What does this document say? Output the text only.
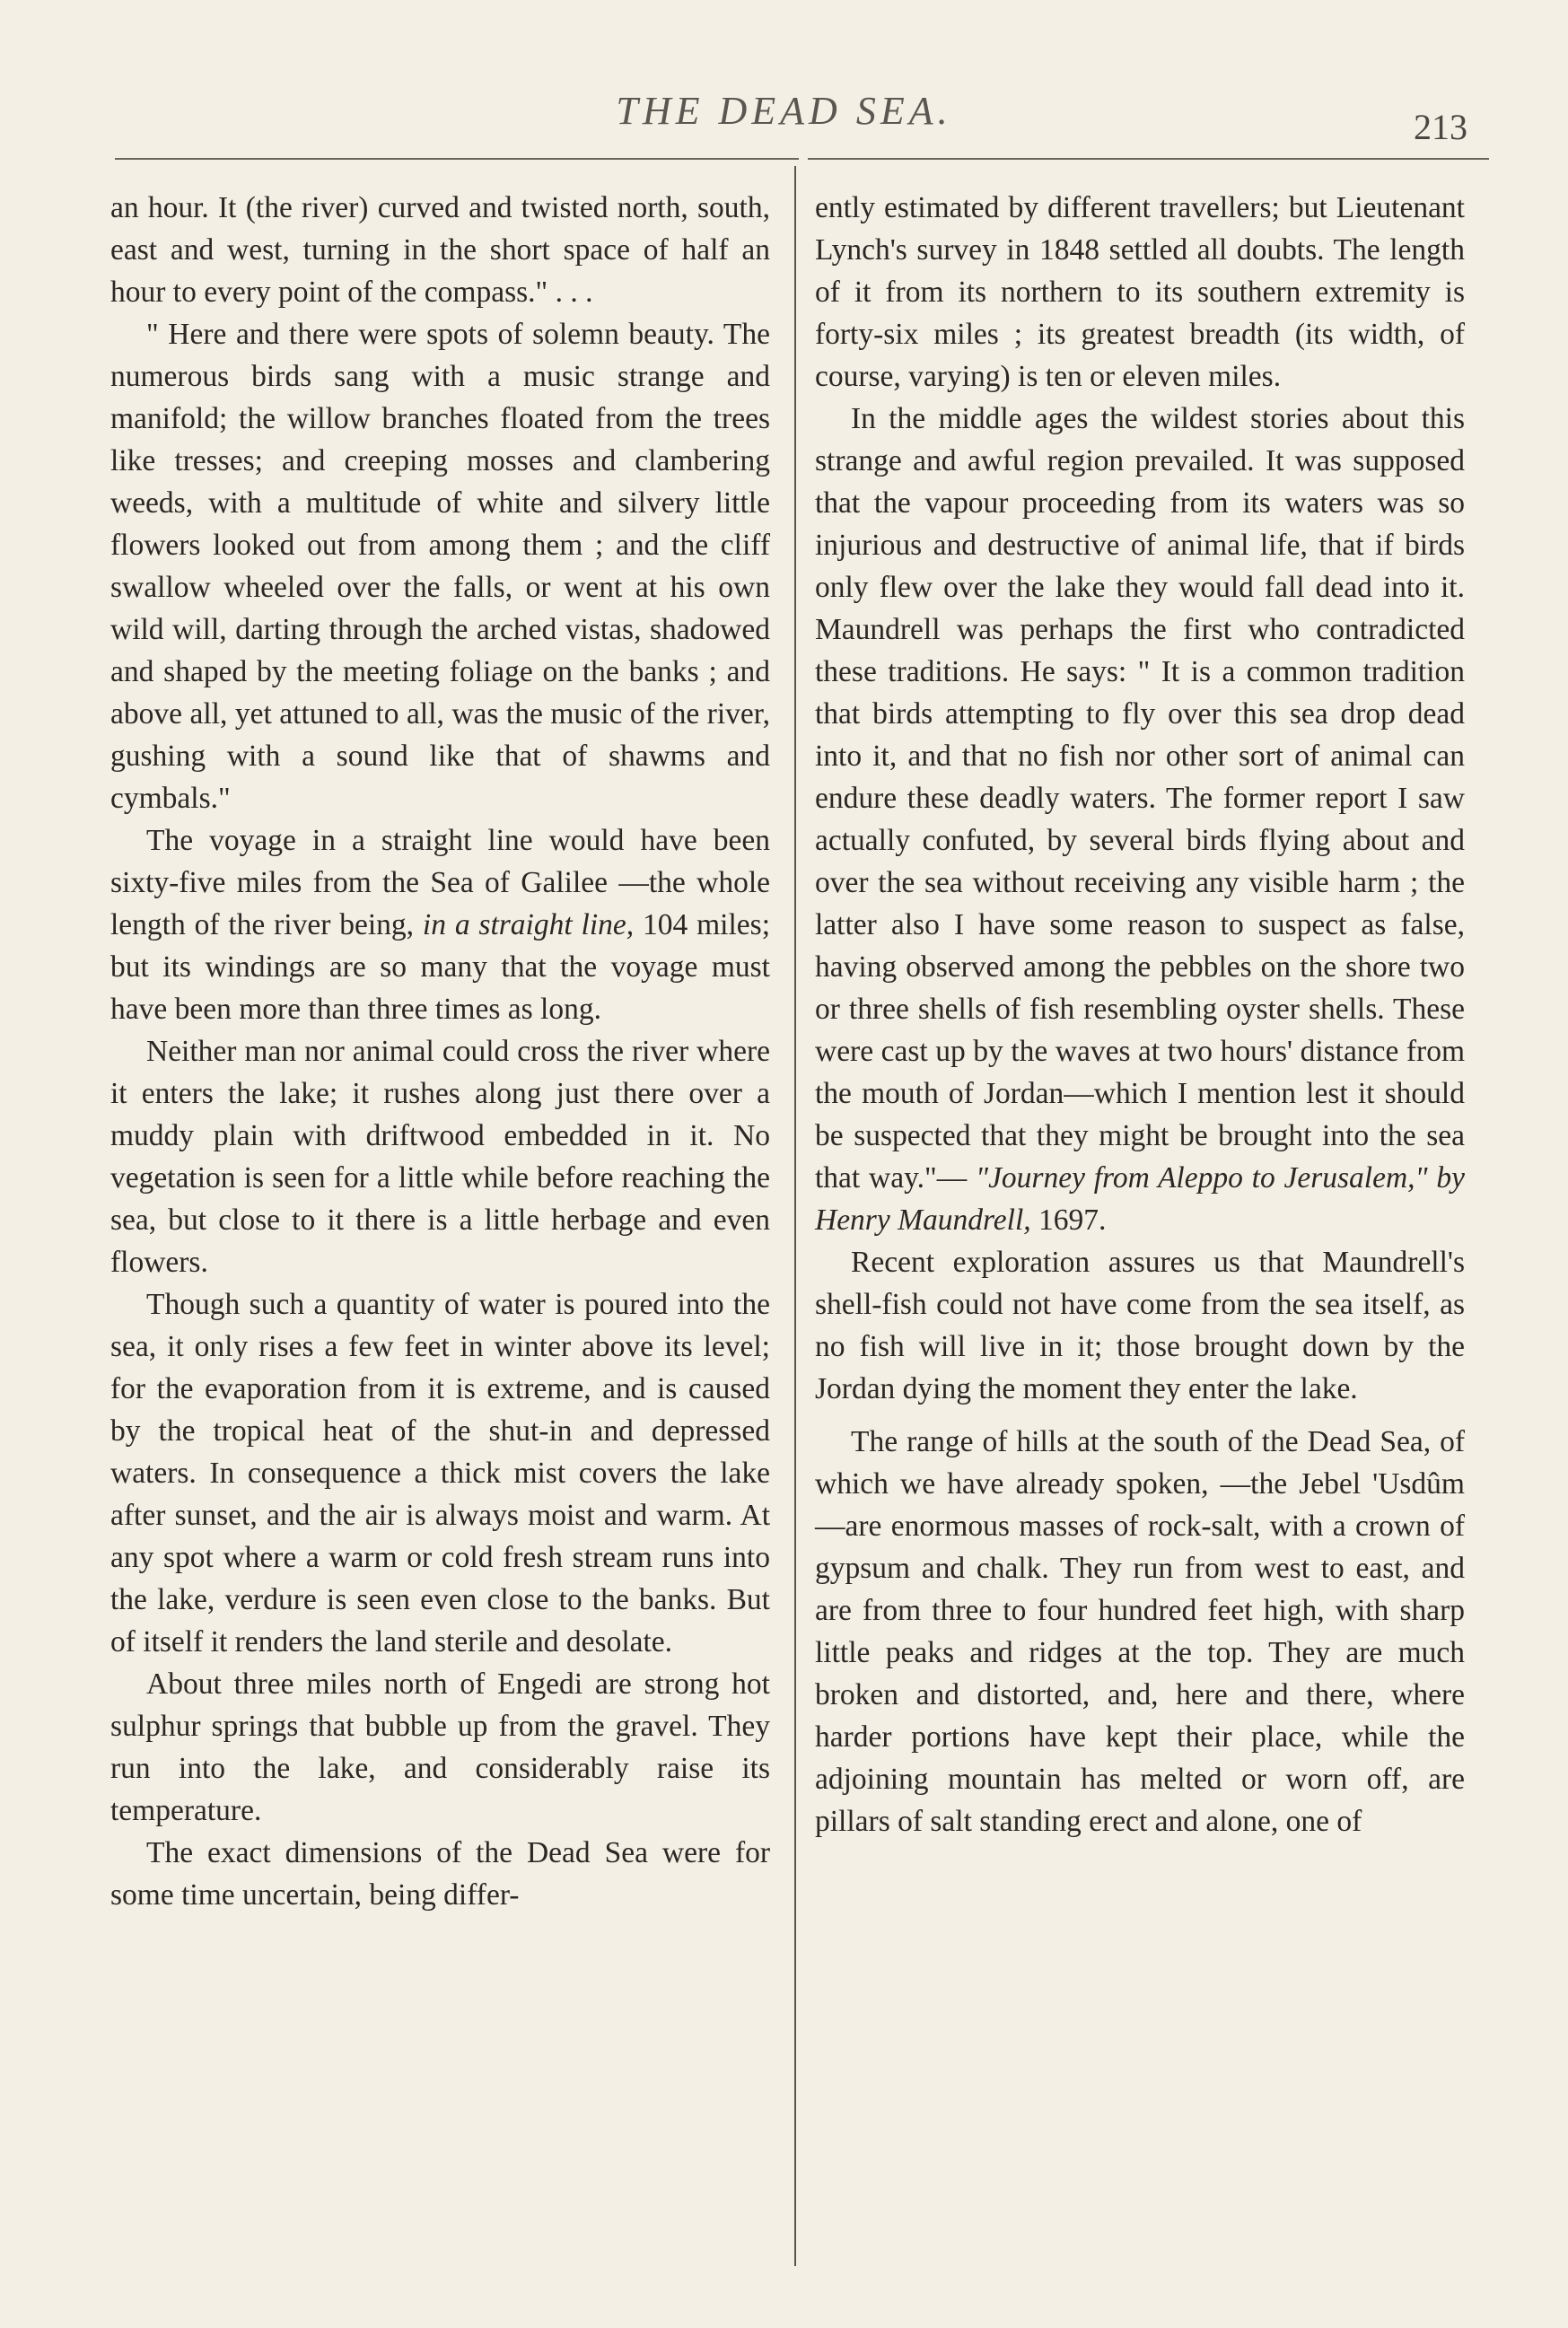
THE DEAD SEA.	213

an hour. It (the river) curved and twisted north, south, east and west, turning in the short space of half an hour to every point of the compass." . . .

" Here and there were spots of solemn beauty. The numerous birds sang with a music strange and manifold; the willow branches floated from the trees like tresses; and creeping mosses and clambering weeds, with a multitude of white and silvery little flowers looked out from among them ; and the cliff swallow wheeled over the falls, or went at his own wild will, darting through the arched vistas, shadowed and shaped by the meeting foliage on the banks ; and above all, yet attuned to all, was the music of the river, gushing with a sound like that of shawms and cymbals."

The voyage in a straight line would have been sixty-five miles from the Sea of Galilee —the whole length of the river being, in a straight line, 104 miles; but its windings are so many that the voyage must have been more than three times as long.

Neither man nor animal could cross the river where it enters the lake; it rushes along just there over a muddy plain with driftwood embedded in it. No vegetation is seen for a little while before reaching the sea, but close to it there is a little herbage and even flowers.

Though such a quantity of water is poured into the sea, it only rises a few feet in winter above its level; for the evaporation from it is extreme, and is caused by the tropical heat of the shut-in and depressed waters. In consequence a thick mist covers the lake after sunset, and the air is always moist and warm. At any spot where a warm or cold fresh stream runs into the lake, verdure is seen even close to the banks. But of itself it renders the land sterile and desolate.

About three miles north of Engedi are strong hot sulphur springs that bubble up from the gravel. They run into the lake, and considerably raise its temperature.

The exact dimensions of the Dead Sea were for some time uncertain, being differ-

ently estimated by different travellers; but Lieutenant Lynch's survey in 1848 settled all doubts. The length of it from its northern to its southern extremity is forty-six miles ; its greatest breadth (its width, of course, varying) is ten or eleven miles.

In the middle ages the wildest stories about this strange and awful region prevailed. It was supposed that the vapour proceeding from its waters was so injurious and destructive of animal life, that if birds only flew over the lake they would fall dead into it. Maundrell was perhaps the first who contradicted these traditions. He says: " It is a common tradition that birds attempting to fly over this sea drop dead into it, and that no fish nor other sort of animal can endure these deadly waters. The former report I saw actually confuted, by several birds flying about and over the sea without receiving any visible harm ; the latter also I have some reason to suspect as false, having observed among the pebbles on the shore two or three shells of fish resembling oyster shells. These were cast up by the waves at two hours' distance from the mouth of Jordan—which I mention lest it should be suspected that they might be brought into the sea that way."— "Journey from Aleppo to Jerusalem," by Henry Maundrell, 1697.

Recent exploration assures us that Maundrell's shell-fish could not have come from the sea itself, as no fish will live in it; those brought down by the Jordan dying the moment they enter the lake.

The range of hills at the south of the Dead Sea, of which we have already spoken, —the Jebel 'Usdûm—are enormous masses of rock-salt, with a crown of gypsum and chalk. They run from west to east, and are from three to four hundred feet high, with sharp little peaks and ridges at the top. They are much broken and distorted, and, here and there, where harder portions have kept their place, while the adjoining mountain has melted or worn off, are pillars of salt standing erect and alone, one of
